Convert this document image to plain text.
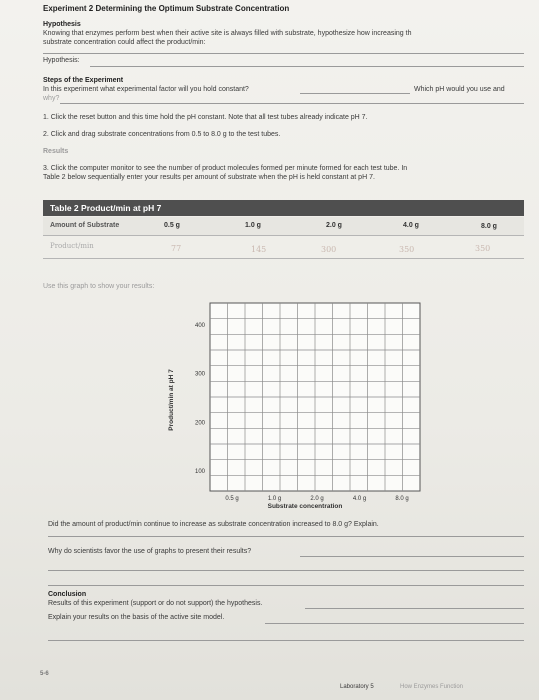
Experiment 2 Determining the Optimum Substrate Concentration
Hypothesis
Knowing that enzymes perform best when their active site is always filled with substrate, hypothesize how increasing th
substrate concentration could affect the product/min:
Hypothesis:
Steps of the Experiment
In this experiment what experimental factor will you hold constant?	Which pH would you use and
why?
1. Click the reset button and this time hold the pH constant. Note that all test tubes already indicate pH 7.
2. Click and drag substrate concentrations from 0.5 to 8.0 g to the test tubes.
Results
3. Click the computer monitor to see the number of product molecules formed per minute formed for each test tube. In
Table 2 below sequentially enter your results per amount of substrate when the pH is held constant at pH 7.
Table 2 Product/min at pH 7
Amount of Substrate	0.5 g	1.0 g	2.0 g	4.0 g	8.0 g
Product/min	77	145	300	350	350
Use this graph to show your results:
100
200
300
400
0.5 g	1.0 g	2.0 g	4.0 g	8.0 g
Product/min at pH 7
Substrate concentration
Did the amount of product/min continue to increase as substrate concentration increased to 8.0 g? Explain.
Why do scientists favor the use of graphs to present their results?
Conclusion
Results of this experiment (support or do not support) the hypothesis.
Explain your results on the basis of the active site model.
5-6
Laboratory 5	How Enzymes Function
